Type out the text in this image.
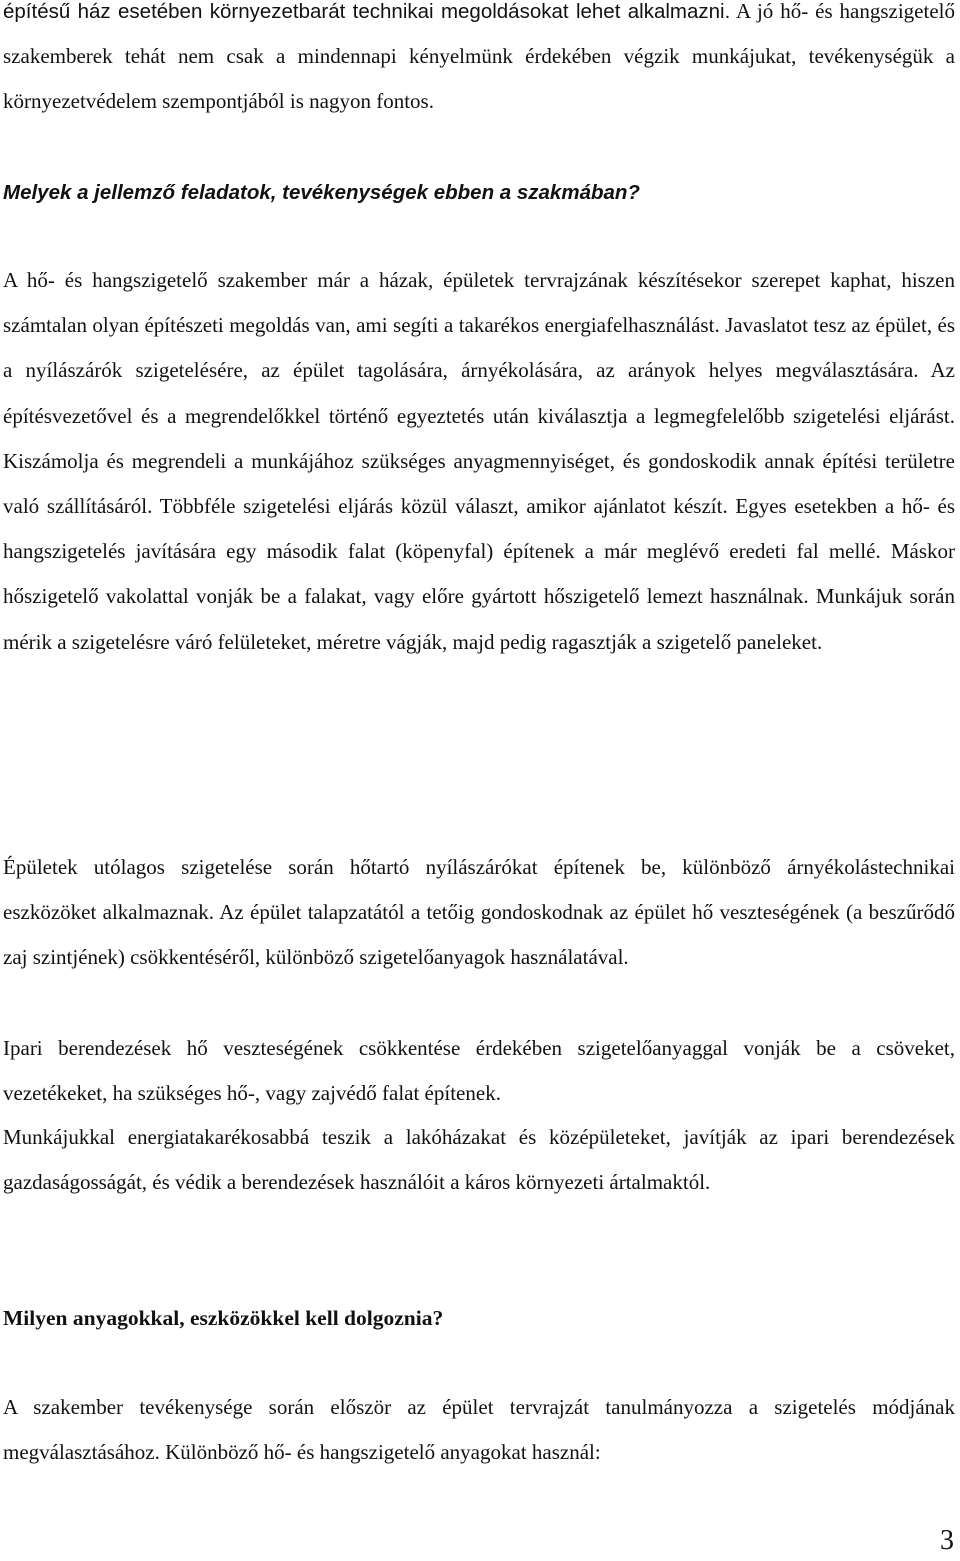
építésű ház esetében környezetbarát technikai megoldásokat lehet alkalmazni. A jó hő- és hangszigetelő szakemberek tehát nem csak a mindennapi kényelmünk érdekében végzik munkájukat, tevékenységük a környezetvédelem szempontjából is nagyon fontos.

Melyek a jellemző feladatok, tevékenységek ebben a szakmában?

A hő- és hangszigetelő szakember már a házak, épületek tervrajzának készítésekor szerepet kaphat, hiszen számtalan olyan építészeti megoldás van, ami segíti a takarékos energiafelhasználást. Javaslatot tesz az épület, és a nyílászárók szigetelésére, az épület tagolására, árnyékolására, az arányok helyes megválasztására. Az építésvezetővel és a megrendelőkkel történő egyeztetés után kiválasztja a legmegfelelőbb szigetelési eljárást. Kiszámolja és megrendeli a munkájához szükséges anyagmennyiséget, és gondoskodik annak építési területre való szállításáról. Többféle szigetelési eljárás közül választ, amikor ajánlatot készít. Egyes esetekben a hő- és hangszigetelés javítására egy második falat (köpenyfal) építenek a már meglévő eredeti fal mellé. Máskor hőszigetelő vakolattal vonják be a falakat, vagy előre gyártott hőszigetelő lemezt használnak. Munkájuk során mérik a szigetelésre váró felületeket, méretre vágják, majd pedig ragasztják a szigetelő paneleket.

Épületek utólagos szigetelése során hőtartó nyílászárókat építenek be, különböző árnyékolástechnikai eszközöket alkalmaznak. Az épület talapzatától a tetőig gondoskodnak az épület hő veszteségének (a beszűrődő zaj szintjének) csökkentéséről, különböző szigetelőanyagok használatával.

Ipari berendezések hő veszteségének csökkentése érdekében szigetelőanyaggal vonják be a csöveket, vezetékeket, ha szükséges hő-, vagy zajvédő falat építenek.

Munkájukkal energiatakarékosabbá teszik a lakóházakat és középületeket, javítják az ipari berendezések gazdaságosságát, és védik a berendezések használóit a káros környezeti ártalmaktól.

Milyen anyagokkal, eszközökkel kell dolgoznia?

A szakember tevékenysége során először az épület tervrajzát tanulmányozza a szigetelés módjának megválasztásához. Különböző hő- és hangszigetelő anyagokat használ:

3
